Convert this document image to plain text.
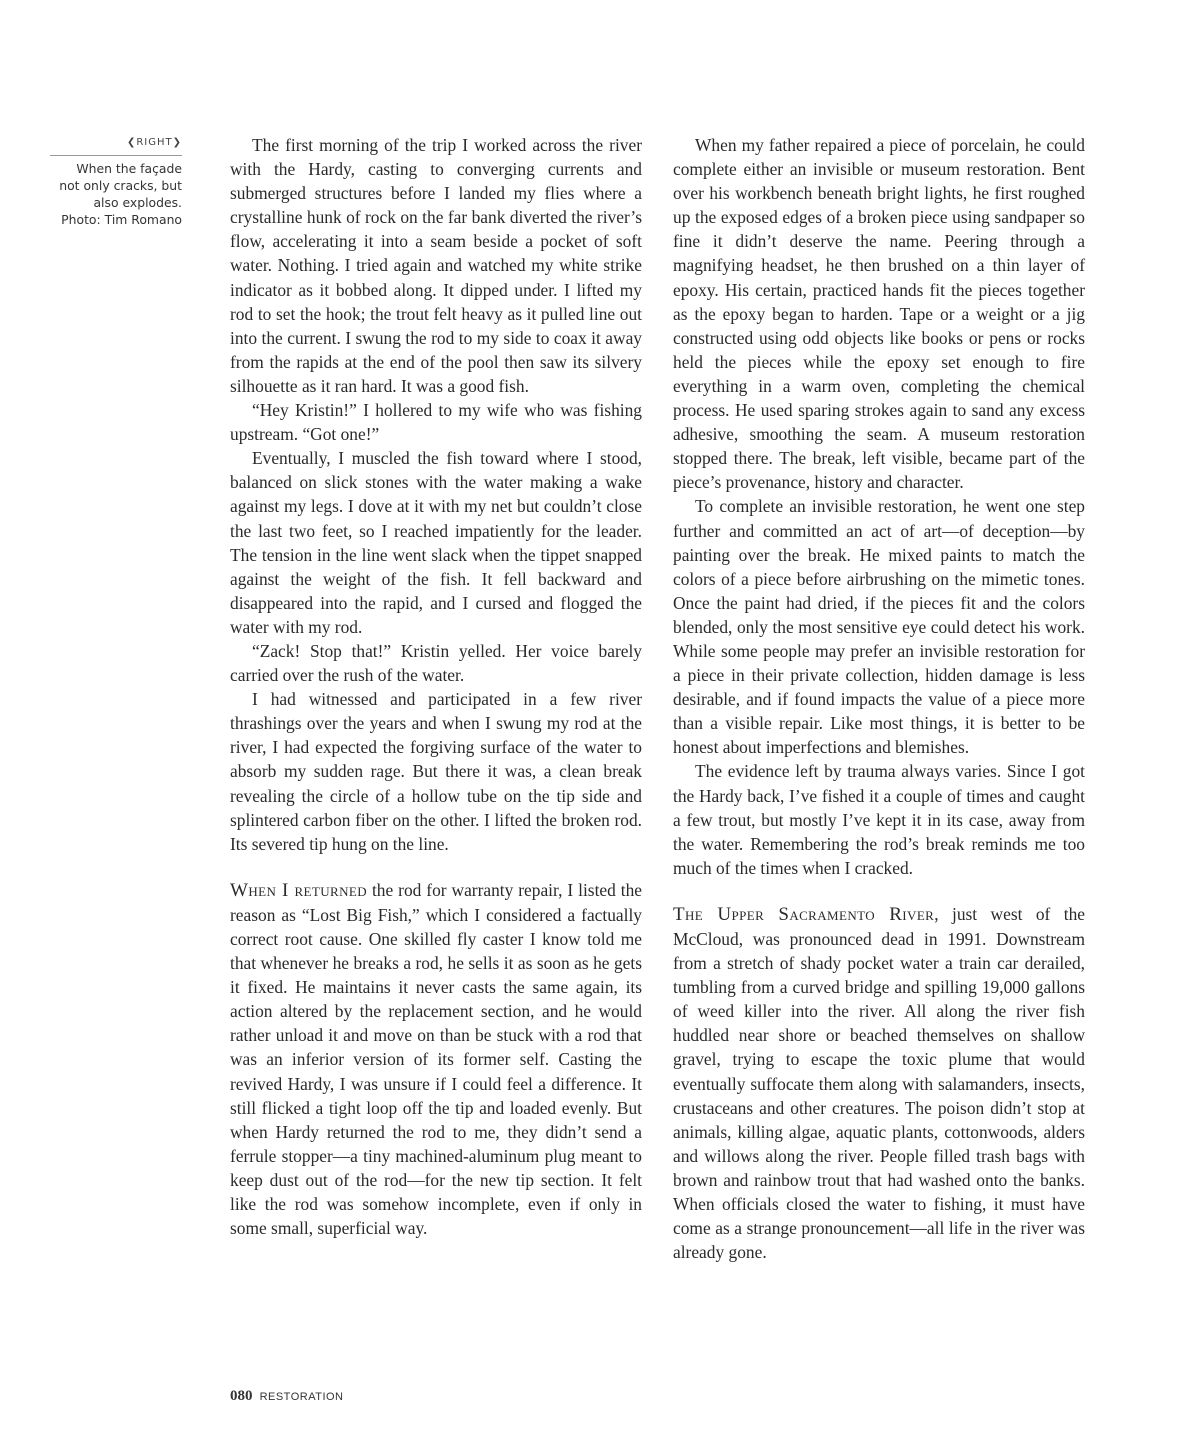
❮RIGHT❯
When the façade
not only cracks, but
also explodes.
Photo: Tim Romano

The first morning of the trip I worked across the river with the Hardy, casting to converging currents and submerged structures before I landed my flies where a crystalline hunk of rock on the far bank diverted the river’s flow, accelerating it into a seam beside a pocket of soft water. Nothing. I tried again and watched my white strike indicator as it bobbed along. It dipped under. I lifted my rod to set the hook; the trout felt heavy as it pulled line out into the current. I swung the rod to my side to coax it away from the rapids at the end of the pool then saw its silvery silhouette as it ran hard. It was a good fish.

“Hey Kristin!” I hollered to my wife who was fishing upstream. “Got one!”

Eventually, I muscled the fish toward where I stood, balanced on slick stones with the water making a wake against my legs. I dove at it with my net but couldn’t close the last two feet, so I reached impatiently for the leader. The tension in the line went slack when the tippet snapped against the weight of the fish. It fell backward and disappeared into the rapid, and I cursed and flogged the water with my rod.

“Zack! Stop that!” Kristin yelled. Her voice barely carried over the rush of the water.

I had witnessed and participated in a few river thrashings over the years and when I swung my rod at the river, I had expected the forgiving surface of the water to absorb my sudden rage. But there it was, a clean break revealing the circle of a hollow tube on the tip side and splintered carbon fiber on the other. I lifted the broken rod. Its severed tip hung on the line.

When I returned the rod for warranty repair, I listed the reason as “Lost Big Fish,” which I considered a factually correct root cause. One skilled fly caster I know told me that whenever he breaks a rod, he sells it as soon as he gets it fixed. He maintains it never casts the same again, its action altered by the replacement section, and he would rather unload it and move on than be stuck with a rod that was an inferior version of its former self. Casting the revived Hardy, I was unsure if I could feel a difference. It still flicked a tight loop off the tip and loaded evenly. But when Hardy returned the rod to me, they didn’t send a ferrule stopper—a tiny machined-aluminum plug meant to keep dust out of the rod—for the new tip section. It felt like the rod was somehow incomplete, even if only in some small, superficial way.

When my father repaired a piece of porcelain, he could complete either an invisible or museum restoration. Bent over his workbench beneath bright lights, he first roughed up the exposed edges of a broken piece using sandpaper so fine it didn’t deserve the name. Peering through a magnifying headset, he then brushed on a thin layer of epoxy. His certain, practiced hands fit the pieces together as the epoxy began to harden. Tape or a weight or a jig constructed using odd objects like books or pens or rocks held the pieces while the epoxy set enough to fire everything in a warm oven, completing the chemical process. He used sparing strokes again to sand any excess adhesive, smoothing the seam. A museum restoration stopped there. The break, left visible, became part of the piece’s provenance, history and character.

To complete an invisible restoration, he went one step further and committed an act of art—of deception—by painting over the break. He mixed paints to match the colors of a piece before airbrushing on the mimetic tones. Once the paint had dried, if the pieces fit and the colors blended, only the most sensitive eye could detect his work. While some people may prefer an invisible restoration for a piece in their private collection, hidden damage is less desirable, and if found impacts the value of a piece more than a visible repair. Like most things, it is better to be honest about imperfections and blemishes.

The evidence left by trauma always varies. Since I got the Hardy back, I’ve fished it a couple of times and caught a few trout, but mostly I’ve kept it in its case, away from the water. Remembering the rod’s break reminds me too much of the times when I cracked.

The Upper Sacramento River, just west of the McCloud, was pronounced dead in 1991. Downstream from a stretch of shady pocket water a train car derailed, tumbling from a curved bridge and spilling 19,000 gallons of weed killer into the river. All along the river fish huddled near shore or beached themselves on shallow gravel, trying to escape the toxic plume that would eventually suffocate them along with salamanders, insects, crustaceans and other creatures. The poison didn’t stop at animals, killing algae, aquatic plants, cottonwoods, alders and willows along the river. People filled trash bags with brown and rainbow trout that had washed onto the banks. When officials closed the water to fishing, it must have come as a strange pronouncement—all life in the river was already gone.

080 RESTORATION
